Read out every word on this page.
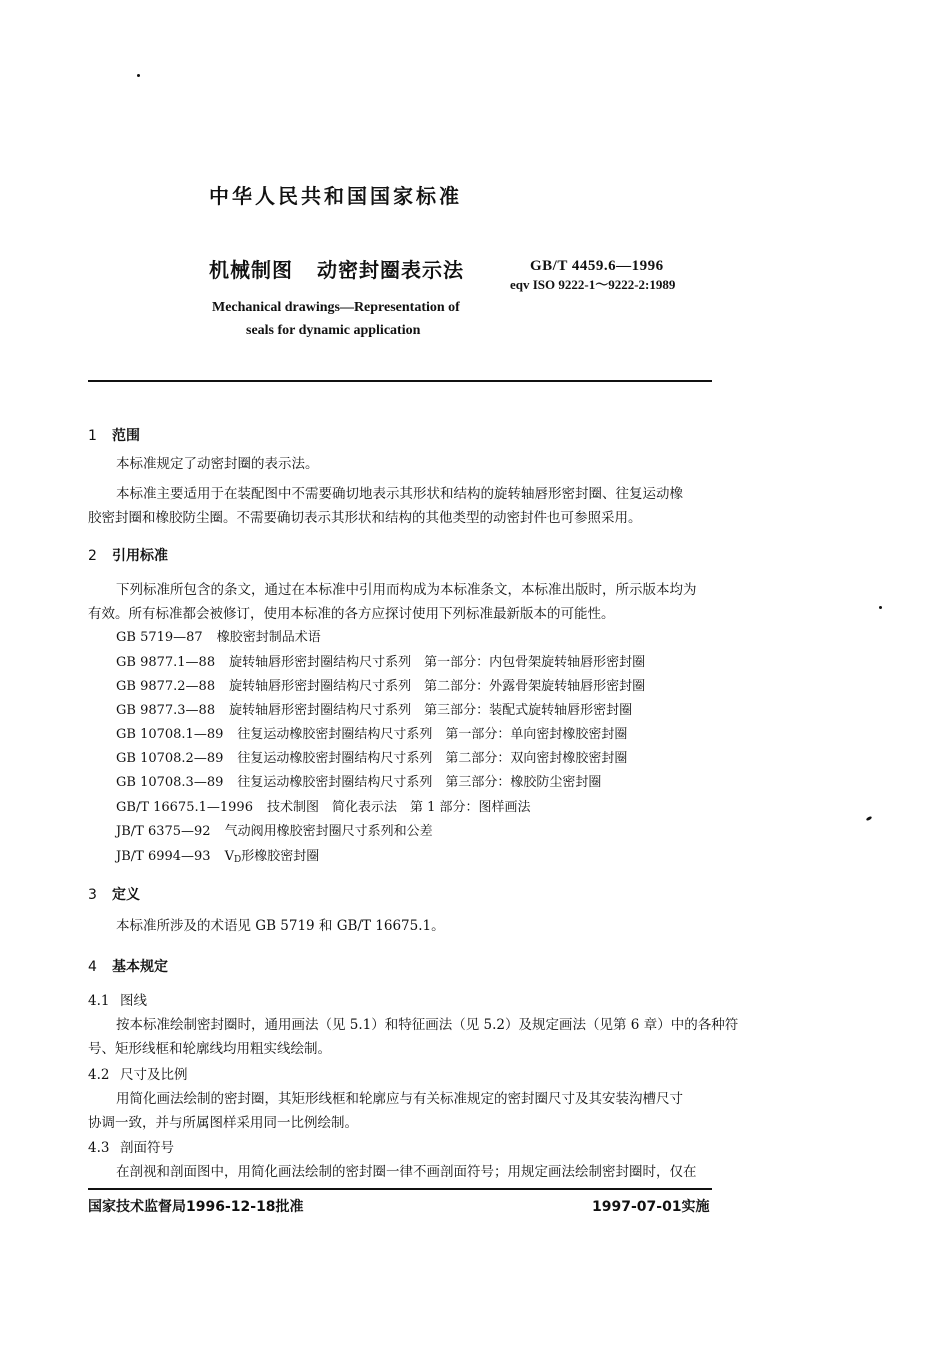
中华人民共和国国家标准
机械制图 动密封圈表示法	GB/T 4459.6—1996
eqv ISO 9222-1～9222-2:1989
Mechanical drawings—Representation of
seals for dynamic application
1 范围
本标准规定了动密封圈的表示法。
本标准主要适用于在装配图中不需要确切地表示其形状和结构的旋转轴唇形密封圈、往复运动橡
胶密封圈和橡胶防尘圈。不需要确切表示其形状和结构的其他类型的动密封件也可参照采用。
2 引用标准
下列标准所包含的条文，通过在本标准中引用而构成为本标准条文，本标准出版时，所示版本均为
有效。所有标准都会被修订，使用本标准的各方应探讨使用下列标准最新版本的可能性。
GB 5719—87 橡胶密封制品术语
GB 9877.1—88 旋转轴唇形密封圈结构尺寸系列　第一部分：内包骨架旋转轴唇形密封圈
GB 9877.2—88 旋转轴唇形密封圈结构尺寸系列　第二部分：外露骨架旋转轴唇形密封圈
GB 9877.3—88 旋转轴唇形密封圈结构尺寸系列　第三部分：装配式旋转轴唇形密封圈
GB 10708.1—89 往复运动橡胶密封圈结构尺寸系列　第一部分：单向密封橡胶密封圈
GB 10708.2—89 往复运动橡胶密封圈结构尺寸系列　第二部分：双向密封橡胶密封圈
GB 10708.3—89 往复运动橡胶密封圈结构尺寸系列　第三部分：橡胶防尘密封圈
GB/T 16675.1—1996 技术制图　简化表示法　第 1 部分：图样画法
JB/T 6375—92 气动阀用橡胶密封圈尺寸系列和公差
JB/T 6994—93 $V_D$形橡胶密封圈
3 定义
本标准所涉及的术语见 GB 5719 和 GB/T 16675.1。
4 基本规定
4.1 图线
按本标准绘制密封圈时，通用画法（见 5.1）和特征画法（见 5.2）及规定画法（见第 6 章）中的各种符
号、矩形线框和轮廓线均用粗实线绘制。
4.2 尺寸及比例
用简化画法绘制的密封圈，其矩形线框和轮廓应与有关标准规定的密封圈尺寸及其安装沟槽尺寸
协调一致，并与所属图样采用同一比例绘制。
4.3 剖面符号
在剖视和剖面图中，用简化画法绘制的密封圈一律不画剖面符号；用规定画法绘制密封圈时，仅在
国家技术监督局1996-12-18批准	1997-07-01实施
